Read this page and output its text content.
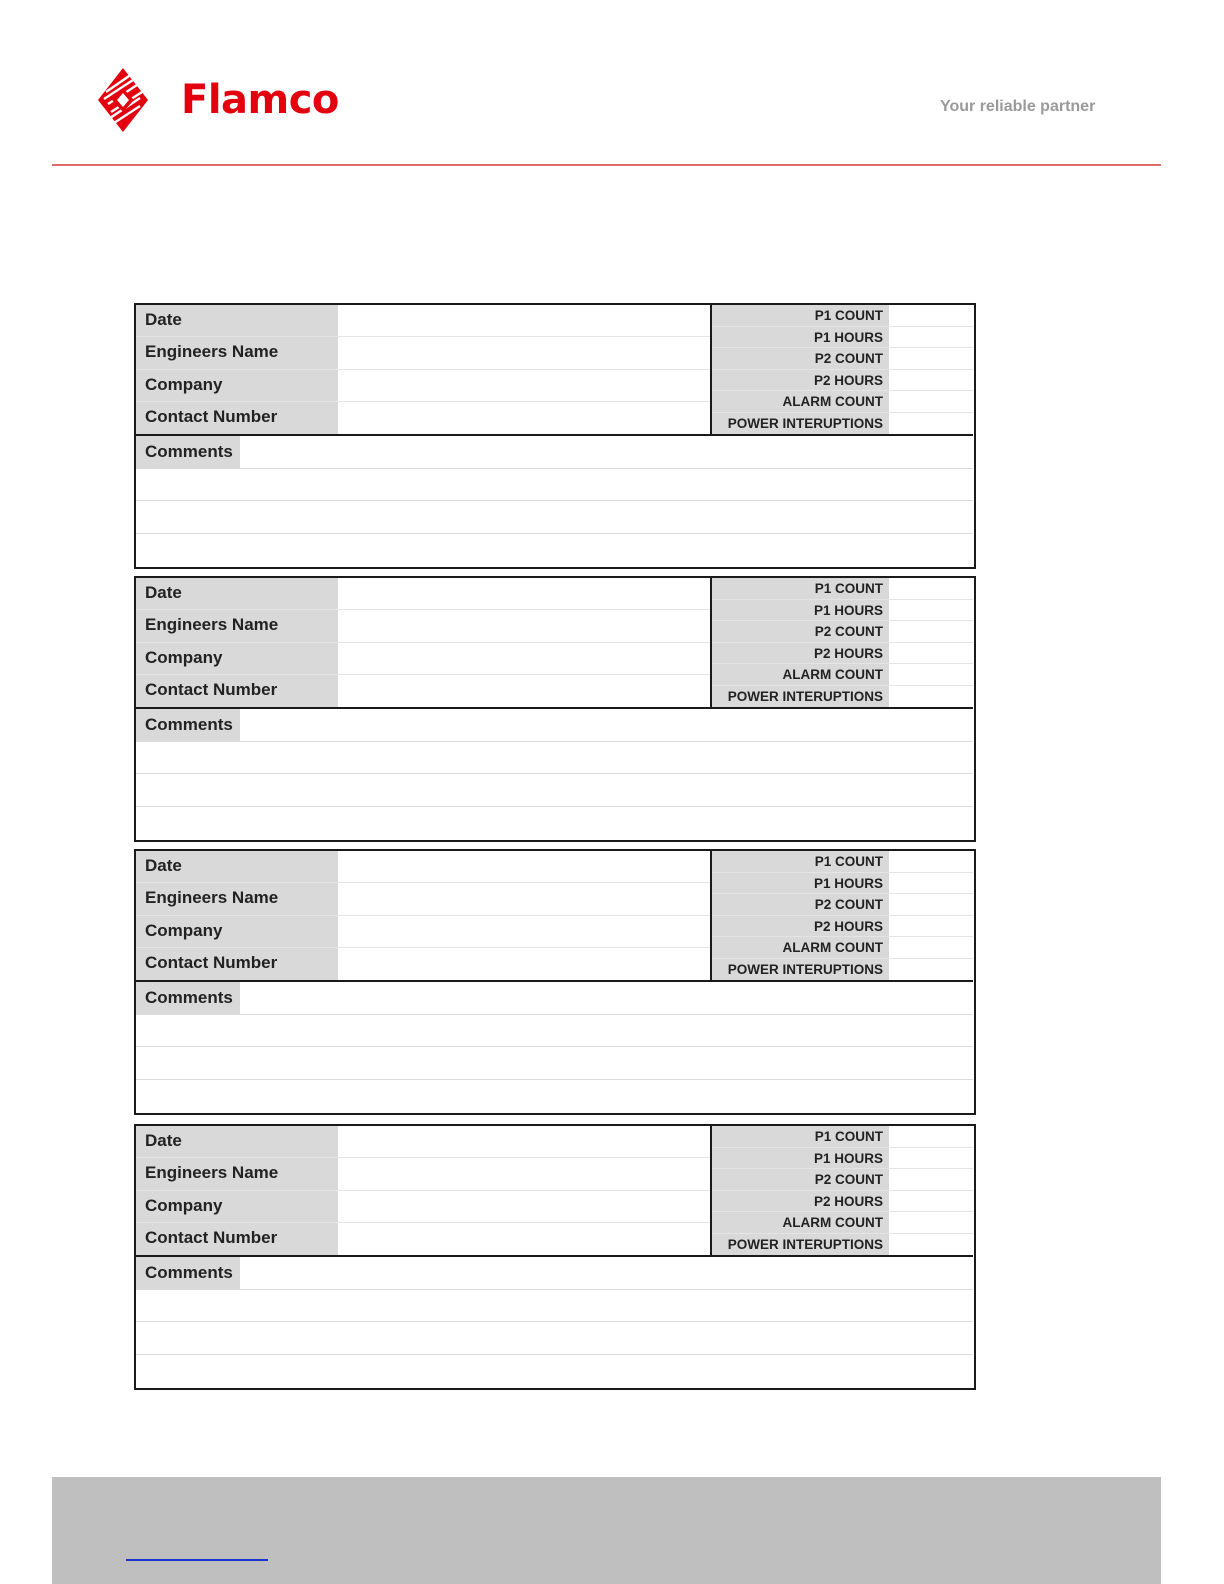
Flamco	Your reliable partner
Date
Engineers Name
Company
Contact Number
P1 COUNT
P1 HOURS
P2 COUNT
P2 HOURS
ALARM COUNT
POWER INTERUPTIONS
Comments
Date
Engineers Name
Company
Contact Number
P1 COUNT
P1 HOURS
P2 COUNT
P2 HOURS
ALARM COUNT
POWER INTERUPTIONS
Comments
Date
Engineers Name
Company
Contact Number
P1 COUNT
P1 HOURS
P2 COUNT
P2 HOURS
ALARM COUNT
POWER INTERUPTIONS
Comments
Date
Engineers Name
Company
Contact Number
P1 COUNT
P1 HOURS
P2 COUNT
P2 HOURS
ALARM COUNT
POWER INTERUPTIONS
Comments
